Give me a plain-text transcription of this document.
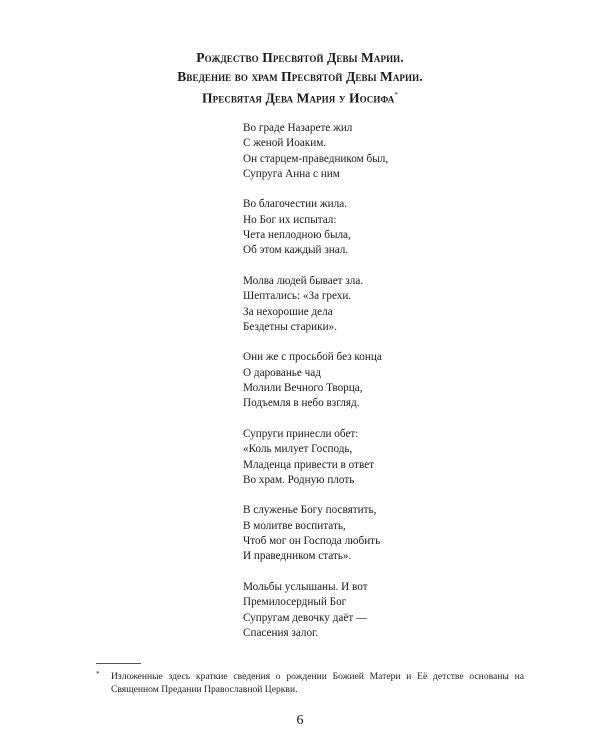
Рождество Пресвятой Девы Марии.
Введение во храм Пресвятой Девы Марии.
Пресвятая Дева Мария у Иосифа*
Во граде Назарете жил
С женой Иоаким.
Он старцем-праведником был,
Супруга Анна с ним
Во благочестии жила.
Но Бог их испытал:
Чета неплодною была,
Об этом каждый знал.
Молва людей бывает зла.
Шептались: «За грехи.
За нехорошие дела
Бездетны старики».
Они же с просьбой без конца
О дарованье чад
Молили Вечного Творца,
Подъемля в небо взгляд.
Супруги принесли обет:
«Коль милует Господь,
Младенца привести в ответ
Во храм. Родную плоть
В служенье Богу посвятить,
В молитве воспитать,
Чтоб мог он Господа любить
И праведником стать».
Мольбы услышаны. И вот
Премилосердный Бог
Супругам девочку даёт —
Спасения залог.
* Изложенные здесь краткие сведения о рождении Божией Матери и Её детстве основаны на Священном Предании Православной Церкви.
6
